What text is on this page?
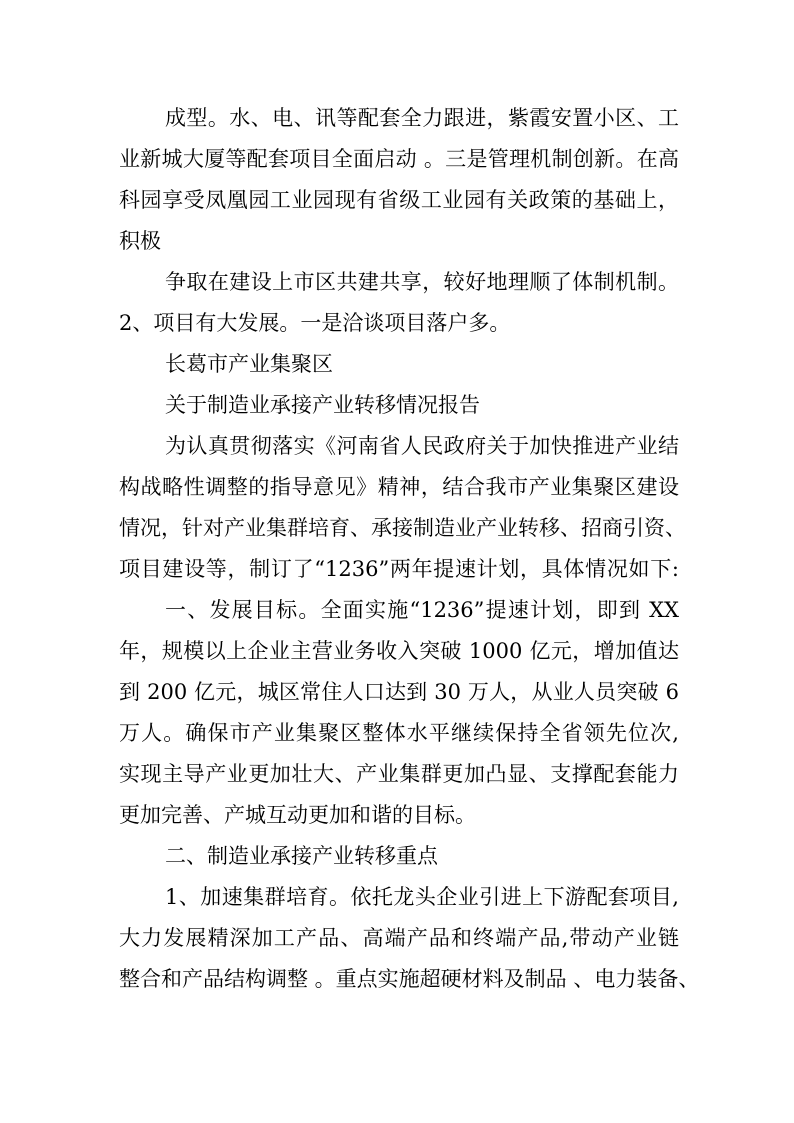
成型。水、电、讯等配套全力跟进，紫霞安置小区、工
业新城大厦等配套项目全面启动 。三是管理机制创新。在高
科园享受凤凰园工业园现有省级工业园有关政策的基础上，
积极
争取在建设上市区共建共享，较好地理顺了体制机制。
2、项目有大发展。一是洽谈项目落户多。
长葛市产业集聚区
关于制造业承接产业转移情况报告
为认真贯彻落实《河南省人民政府关于加快推进产业结
构战略性调整的指导意见》精神，结合我市产业集聚区建设
情况，针对产业集群培育、承接制造业产业转移、招商引资、
项目建设等，制订了“1236”两年提速计划，具体情况如下:
一、发展目标。全面实施“1236”提速计划，即到 XX
年，规模以上企业主营业务收入突破 1000 亿元，增加值达
到 200 亿元，城区常住人口达到 30 万人，从业人员突破 6
万人。确保市产业集聚区整体水平继续保持全省领先位次,
实现主导产业更加壮大、产业集群更加凸显、支撑配套能力
更加完善、产城互动更加和谐的目标。
二、制造业承接产业转移重点
1、加速集群培育。依托龙头企业引进上下游配套项目,
大力发展精深加工产品、高端产品和终端产品,带动产业链
整合和产品结构调整 。重点实施超硬材料及制品 、电力装备、
